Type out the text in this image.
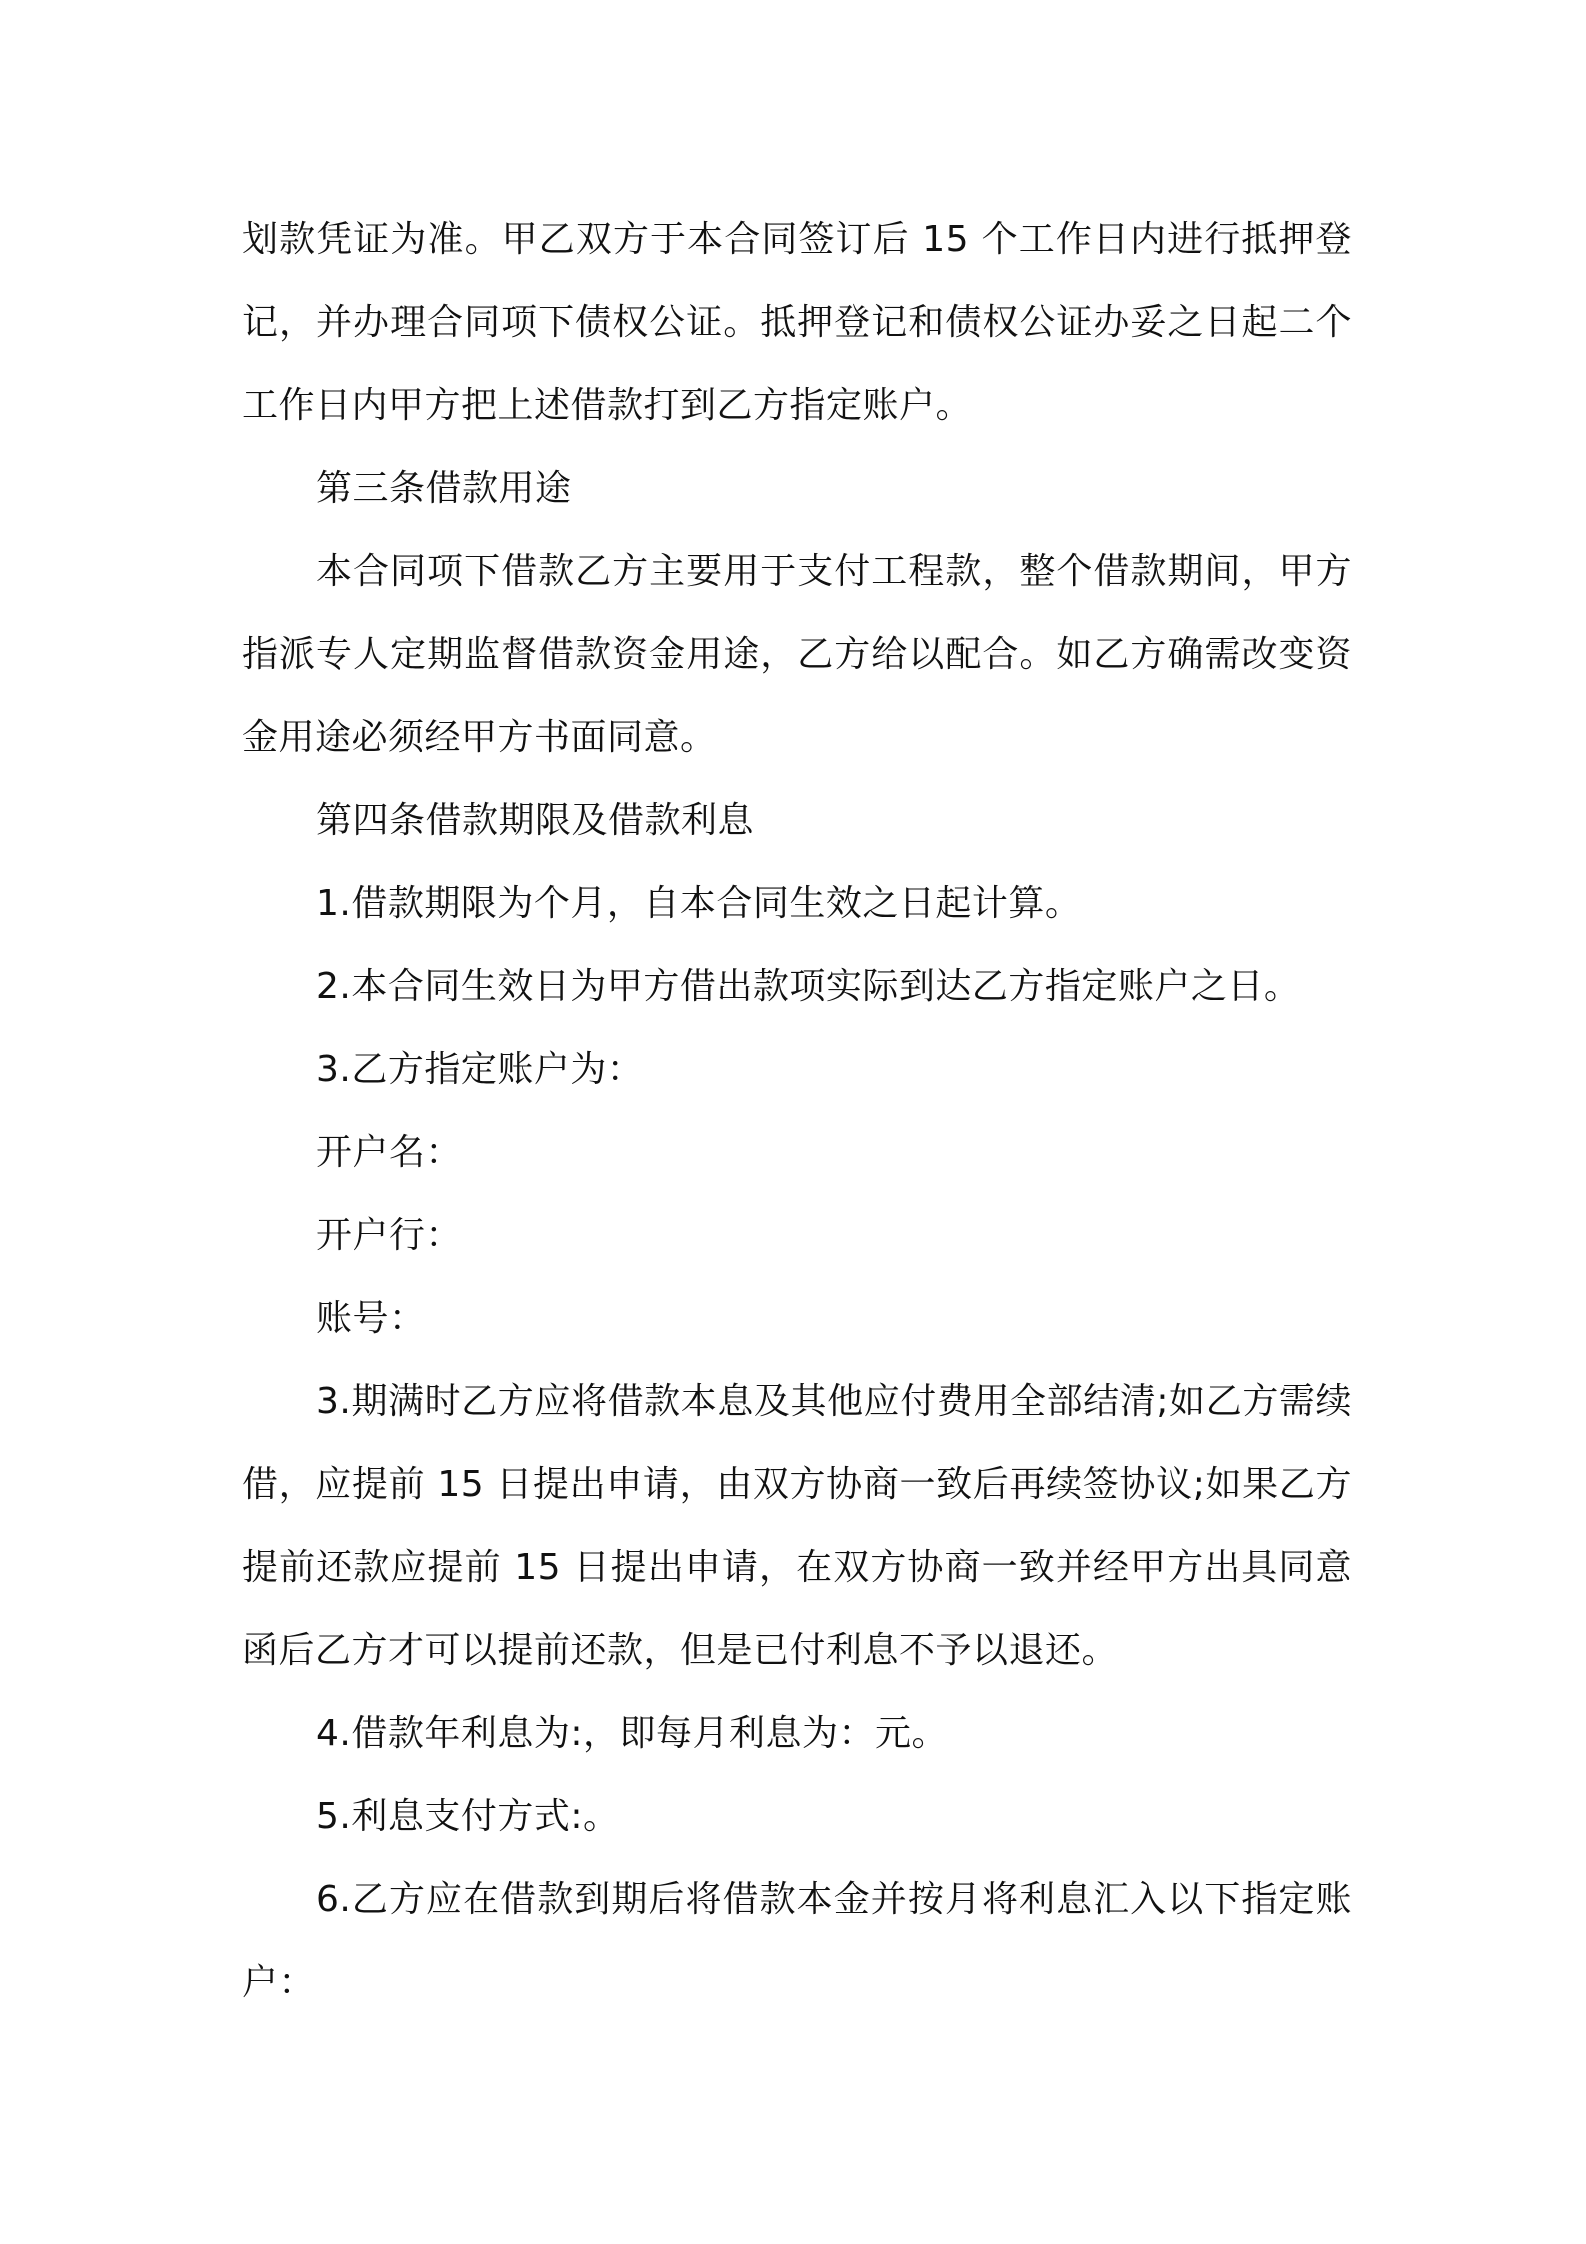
划款凭证为准。甲乙双方于本合同签订后 15 个工作日内进行抵押登记，并办理合同项下债权公证。抵押登记和债权公证办妥之日起二个工作日内甲方把上述借款打到乙方指定账户。

第三条借款用途

本合同项下借款乙方主要用于支付工程款，整个借款期间，甲方指派专人定期监督借款资金用途，乙方给以配合。如乙方确需改变资金用途必须经甲方书面同意。

第四条借款期限及借款利息

1.借款期限为个月，自本合同生效之日起计算。

2.本合同生效日为甲方借出款项实际到达乙方指定账户之日。

3.乙方指定账户为：

开户名：

开户行：

账号：

3.期满时乙方应将借款本息及其他应付费用全部结清;如乙方需续借，应提前 15 日提出申请，由双方协商一致后再续签协议;如果乙方提前还款应提前 15 日提出申请，在双方协商一致并经甲方出具同意函后乙方才可以提前还款，但是已付利息不予以退还。

4.借款年利息为:，即每月利息为：元。

5.利息支付方式:。

6.乙方应在借款到期后将借款本金并按月将利息汇入以下指定账户：
